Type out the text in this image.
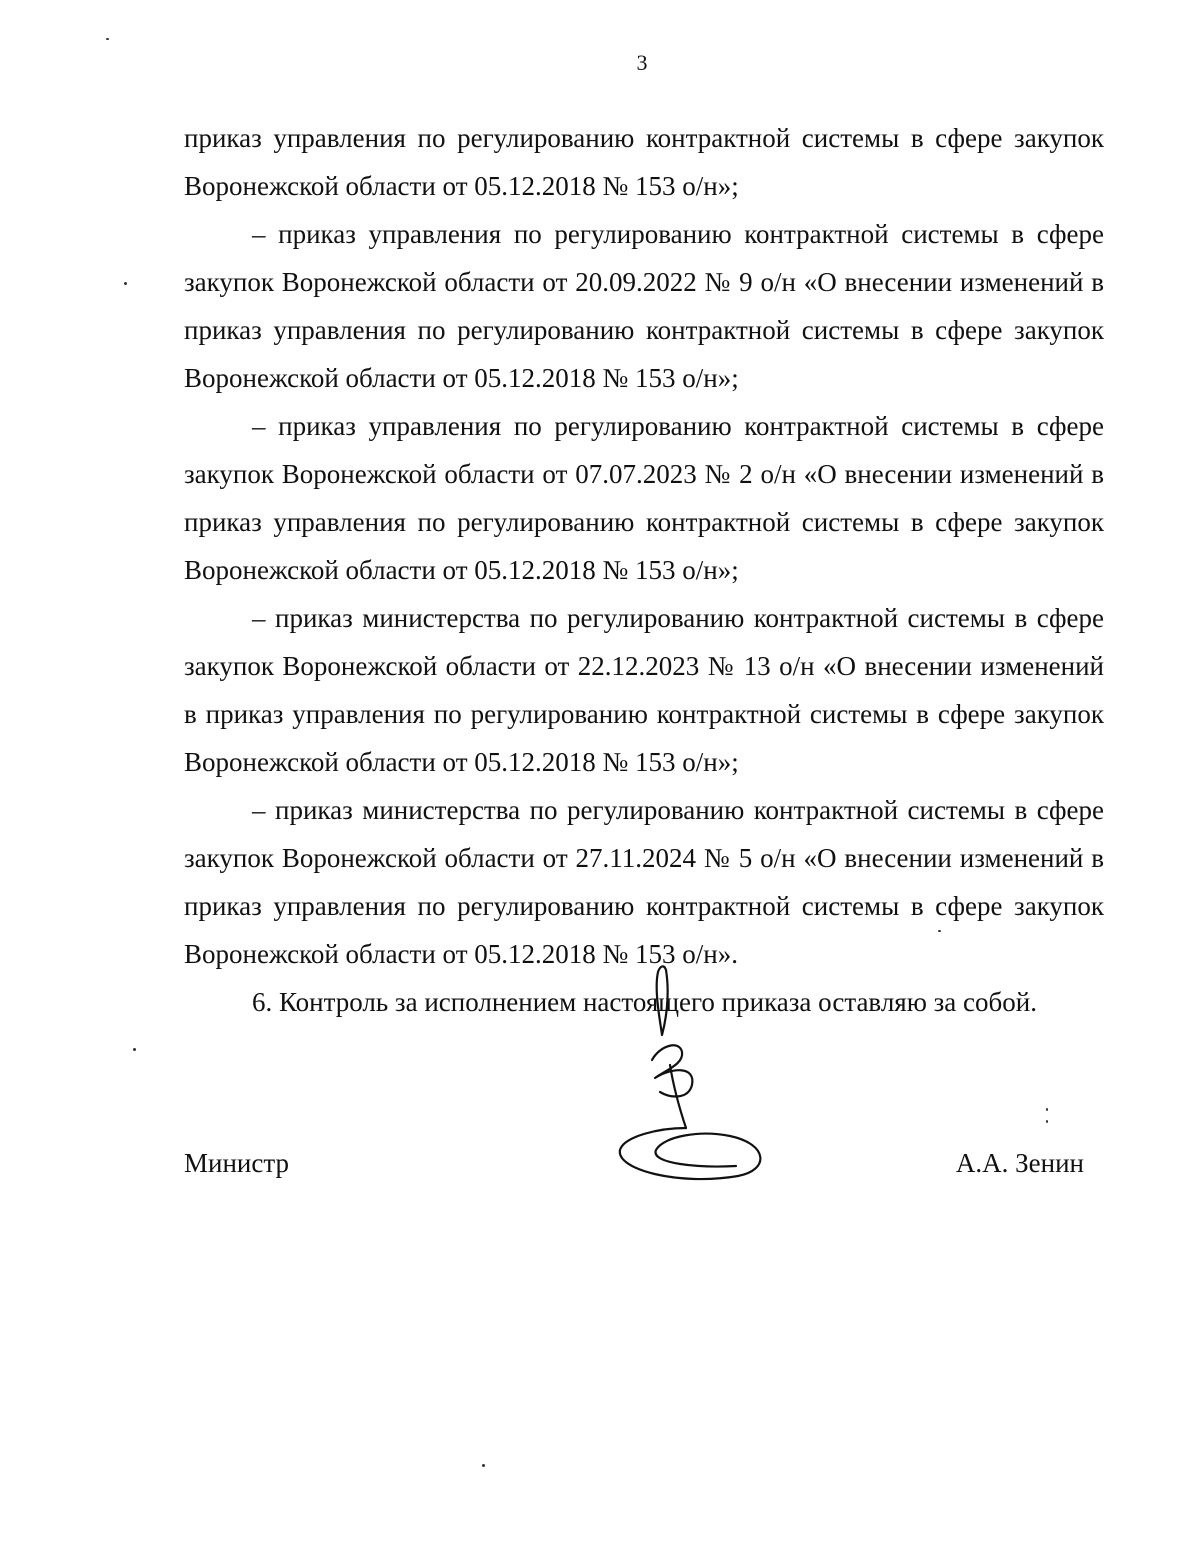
3

приказ управления по регулированию контрактной системы в сфере закупок Воронежской области от 05.12.2018 № 153 о/н»;

– приказ управления по регулированию контрактной системы в сфере закупок Воронежской области от 20.09.2022 № 9 о/н «О внесении изменений в приказ управления по регулированию контрактной системы в сфере закупок Воронежской области от 05.12.2018 № 153 о/н»;

– приказ управления по регулированию контрактной системы в сфере закупок Воронежской области от 07.07.2023 № 2 о/н «О внесении изменений в приказ управления по регулированию контрактной системы в сфере закупок Воронежской области от 05.12.2018 № 153 о/н»;

– приказ министерства по регулированию контрактной системы в сфере закупок Воронежской области от 22.12.2023 № 13 о/н «О внесении изменений в приказ управления по регулированию контрактной системы в сфере закупок Воронежской области от 05.12.2018 № 153 о/н»;

– приказ министерства по регулированию контрактной системы в сфере закупок Воронежской области от 27.11.2024 № 5 о/н «О внесении изменений в приказ управления по регулированию контрактной системы в сфере закупок Воронежской области от 05.12.2018 № 153 о/н».

6. Контроль за исполнением настоящего приказа оставляю за собой.

Министр	А.А. Зенин
